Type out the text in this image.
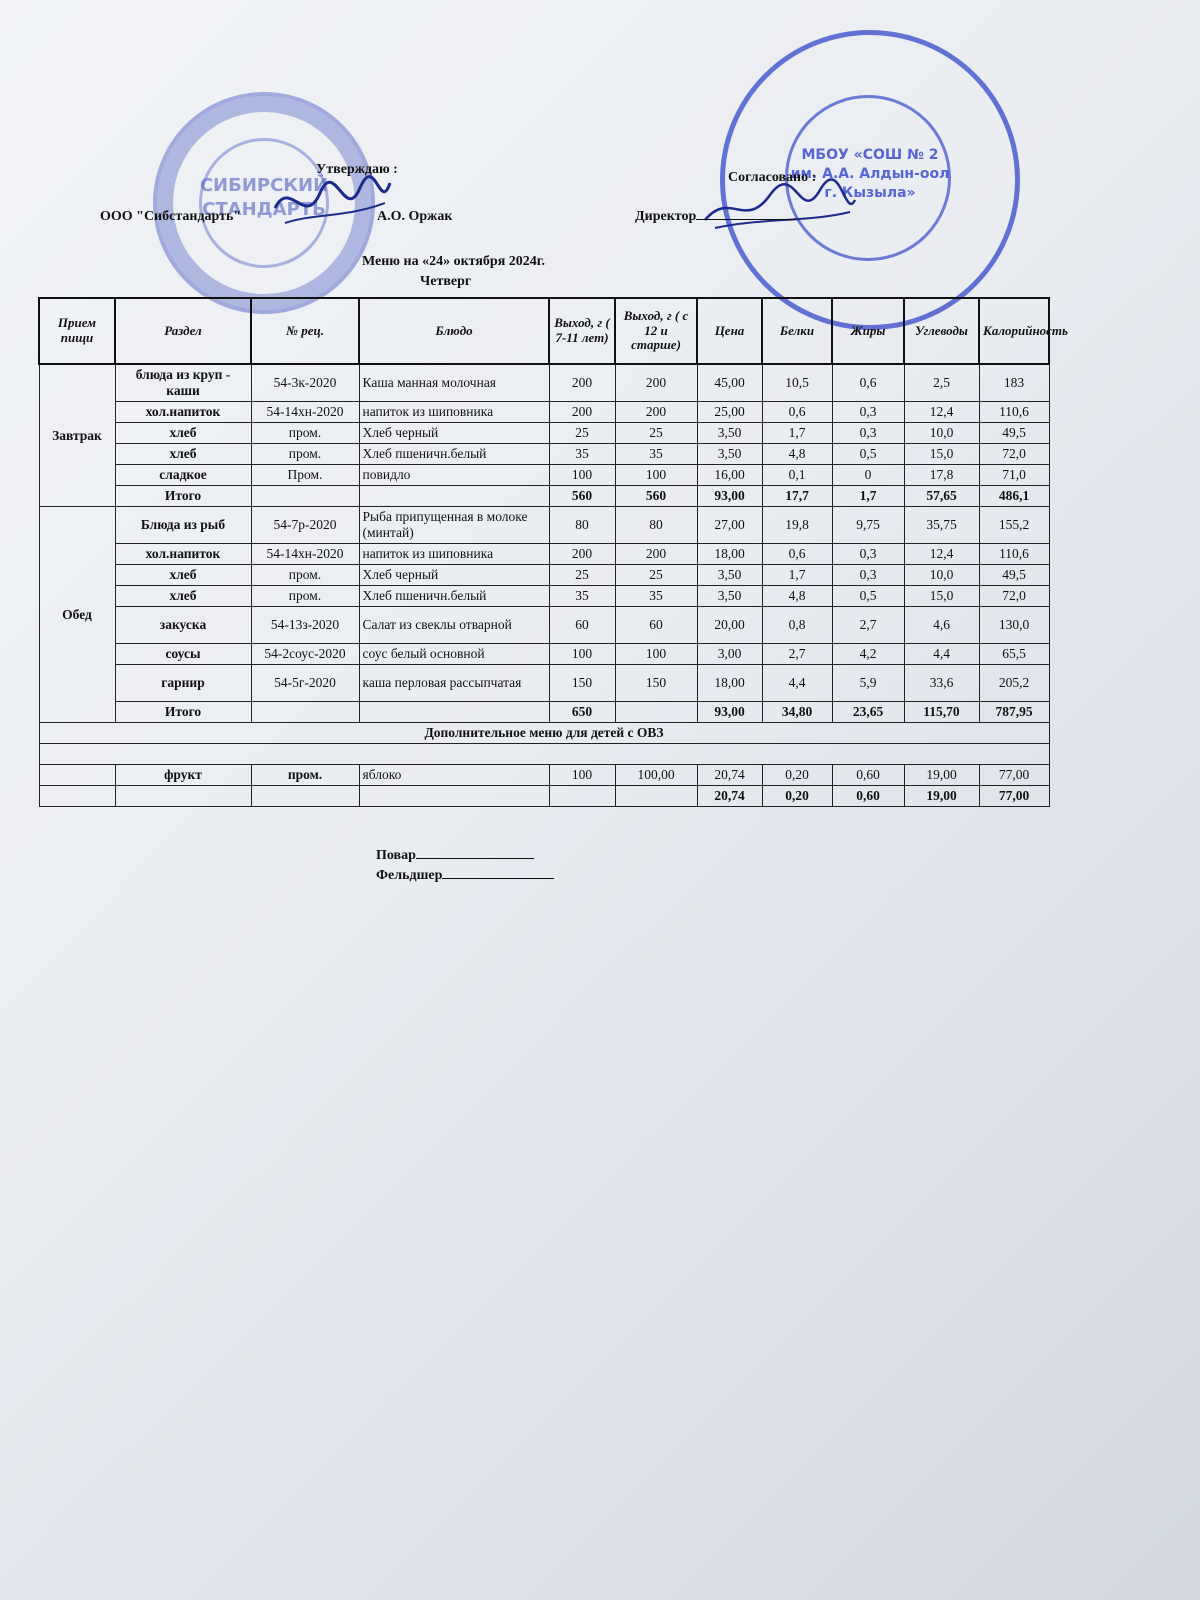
СИБИРСКИЙ
СТАНДАРТЬ
МБОУ «СОШ № 2
им. А.А. Алдын-оол
г. Кызыла»
Утверждаю :
ООО "Сибстандарть"	А.О. Оржак
Согласовано :
Директор
Меню на «24» октября 2024г.
Четверг
Прием пищи	Раздел	№ рец.	Блюдо	Выход, г ( 7-11 лет)	Выход, г ( с 12 и старше)	Цена	Белки	Жиры	Углеводы	Калорийность
Завтрак	блюда из круп - каши	54-3к-2020	Каша манная молочная	200	200	45,00	10,5	0,6	2,5	183
	хол.напиток	54-14хн-2020	напиток из шиповника	200	200	25,00	0,6	0,3	12,4	110,6
	хлеб	пром.	Хлеб черный	25	25	3,50	1,7	0,3	10,0	49,5
	хлеб	пром.	Хлеб пшеничн.белый	35	35	3,50	4,8	0,5	15,0	72,0
	сладкое	Пром.	повидло	100	100	16,00	0,1	0	17,8	71,0
	Итого			560	560	93,00	17,7	1,7	57,65	486,1
Обед	Блюда из рыб	54-7р-2020	Рыба припущенная в молоке (минтай)	80	80	27,00	19,8	9,75	35,75	155,2
	хол.напиток	54-14хн-2020	напиток из шиповника	200	200	18,00	0,6	0,3	12,4	110,6
	хлеб	пром.	Хлеб черный	25	25	3,50	1,7	0,3	10,0	49,5
	хлеб	пром.	Хлеб пшеничн.белый	35	35	3,50	4,8	0,5	15,0	72,0
	закуска	54-13з-2020	Салат из свеклы отварной	60	60	20,00	0,8	2,7	4,6	130,0
	соусы	54-2соус-2020	соус белый основной	100	100	3,00	2,7	4,2	4,4	65,5
	гарнир	54-5г-2020	каша перловая рассыпчатая	150	150	18,00	4,4	5,9	33,6	205,2
	Итого			650		93,00	34,80	23,65	115,70	787,95
Дополнительное меню для детей с ОВЗ										

	фрукт	пром.	яблоко	100	100,00	20,74	0,20	0,60	19,00	77,00
						20,74	0,20	0,60	19,00	77,00
Повар
Фельдшер
